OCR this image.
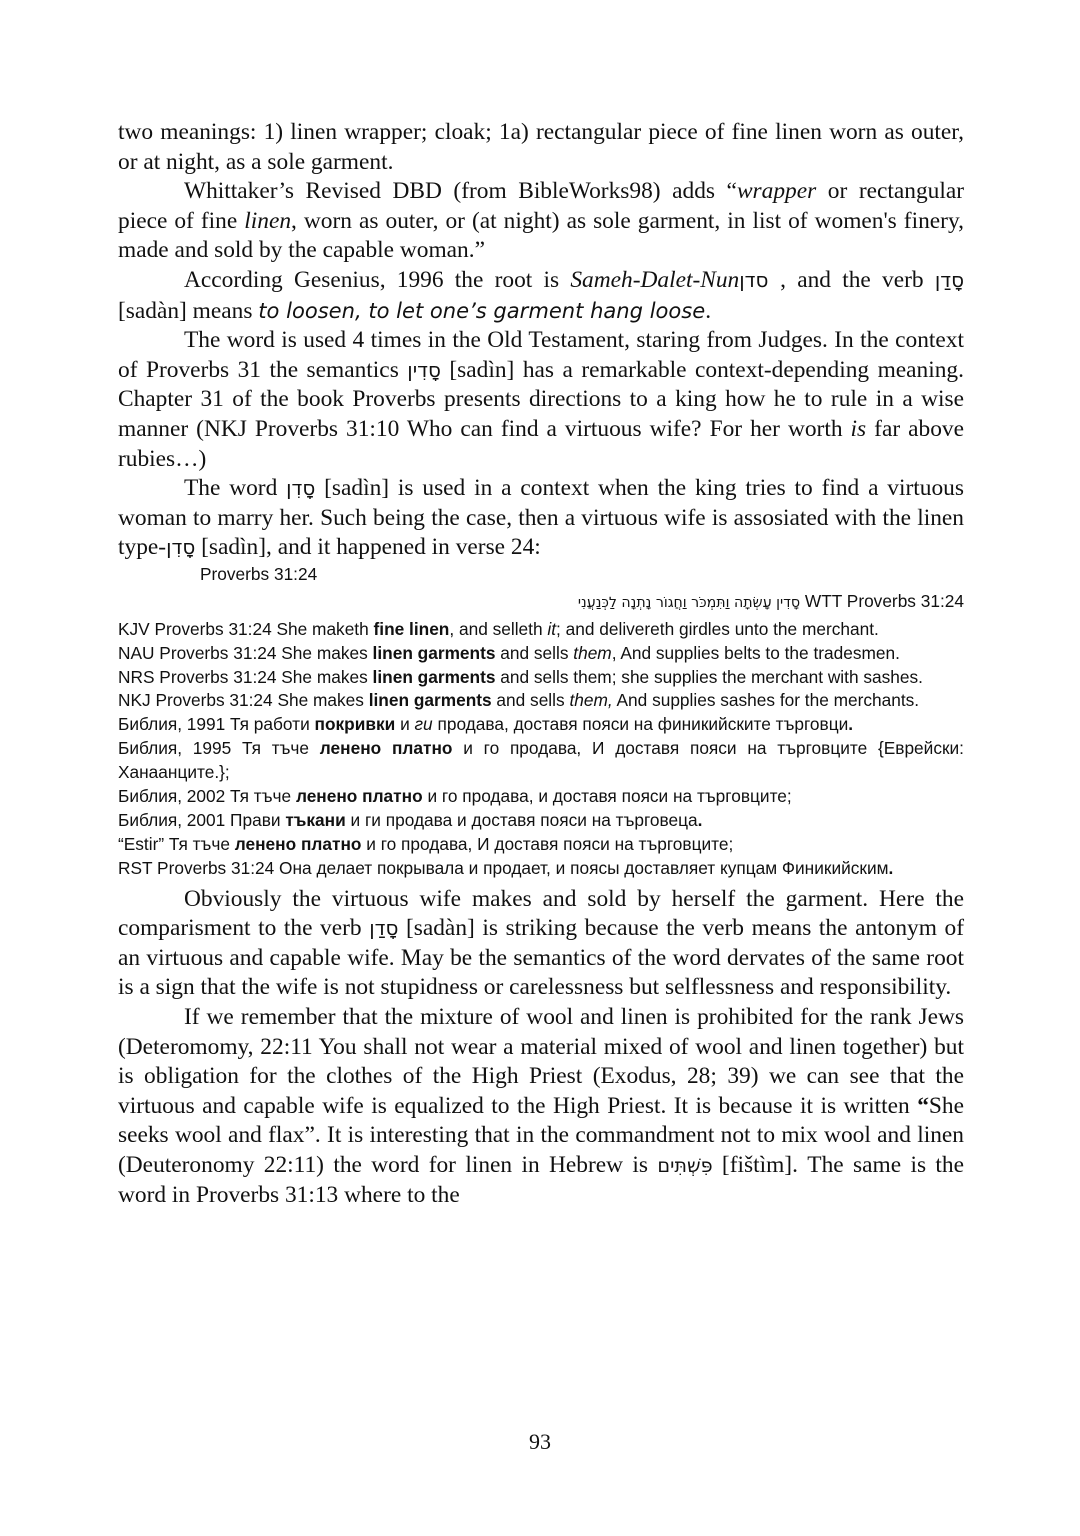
two meanings: 1) linen wrapper; cloak; 1a) rectangular piece of fine linen worn as outer, or at night, as a sole garment.

Whittaker’s Revised DBD (from BibleWorks98) adds “wrapper or rectangular piece of fine linen, worn as outer, or (at night) as sole garment, in list of women's finery, made and sold by the capable woman.”

According Gesenius, 1996 the root is Sameh-Dalet-Nun סדן, and the verb סָדַן [sadàn] means to loosen, to let one’s garment hang loose.

The word is used 4 times in the Old Testament, staring from Judges. In the context of Proverbs 31 the semantics סָדִין [sadìn] has a remarkable context-depending meaning. Chapter 31 of the book Proverbs presents directions to a king how he to rule in a wise manner (NKJ Proverbs 31:10 Who can find a virtuous wife? For her worth is far above rubies…)

The word סָדִן [sadìn] is used in a context when the king tries to find a virtuous woman to marry her. Such being the case, then a virtuous wife is assosiated with the linen type-סָדִן [sadìn], and it happened in verse 24:

Proverbs 31:24

סָדִין עָשְׂתָה וַתִּמְכֹּר וַחֲגוֹר נָתְנָה לַכְּנַעֲנִי WTT Proverbs 31:24

KJV Proverbs 31:24 She maketh fine linen, and selleth it; and delivereth girdles unto the merchant.

NAU Proverbs 31:24 She makes linen garments and sells them, And supplies belts to the tradesmen.

NRS Proverbs 31:24 She makes linen garments and sells them; she supplies the merchant with sashes.

NKJ Proverbs 31:24 She makes linen garments and sells them, And supplies sashes for the merchants.

Библия, 1991 Тя работи покривки и ги продава, доставя пояси на финикийските търговци.

Библия, 1995 Тя тъче ленено платно и го продава, И доставя пояси на търговците {Еврейски: Ханаанците.};

Библия, 2002 Тя тъче ленено платно и го продава, и доставя пояси на търговците;

Библия, 2001 Прави тъкани и ги продава и доставя пояси на търговеца.

“Estir” Тя тъче ленено платно и го продава, И доставя пояси на търговците;

RST Proverbs 31:24 Она делает покрывала и продает, и поясы доставляет купцам Финикийским.

Obviously the virtuous wife makes and sold by herself the garment. Here the comparisment to the verb סָדַן [sadàn] is striking because the verb means the antonym of an virtuous and capable wife. May be the semantics of the word dervates of the same root is a sign that the wife is not stupidness or carelessness but selflessness and responsibility.

If we remember that the mixture of wool and linen is prohibited for the rank Jews (Deteromomy, 22:11 You shall not wear a material mixed of wool and linen together) but is obligation for the clothes of the High Priest (Exodus, 28; 39) we can see that the virtuous and capable wife is equalized to the High Priest. It is because it is written “She seeks wool and flax”. It is interesting that in the commandment not to mix wool and linen (Deuteronomy 22:11) the word for linen in Hebrew is פִּשְׁתִּים [fištìm]. The same is the word in Proverbs 31:13 where to the

93
